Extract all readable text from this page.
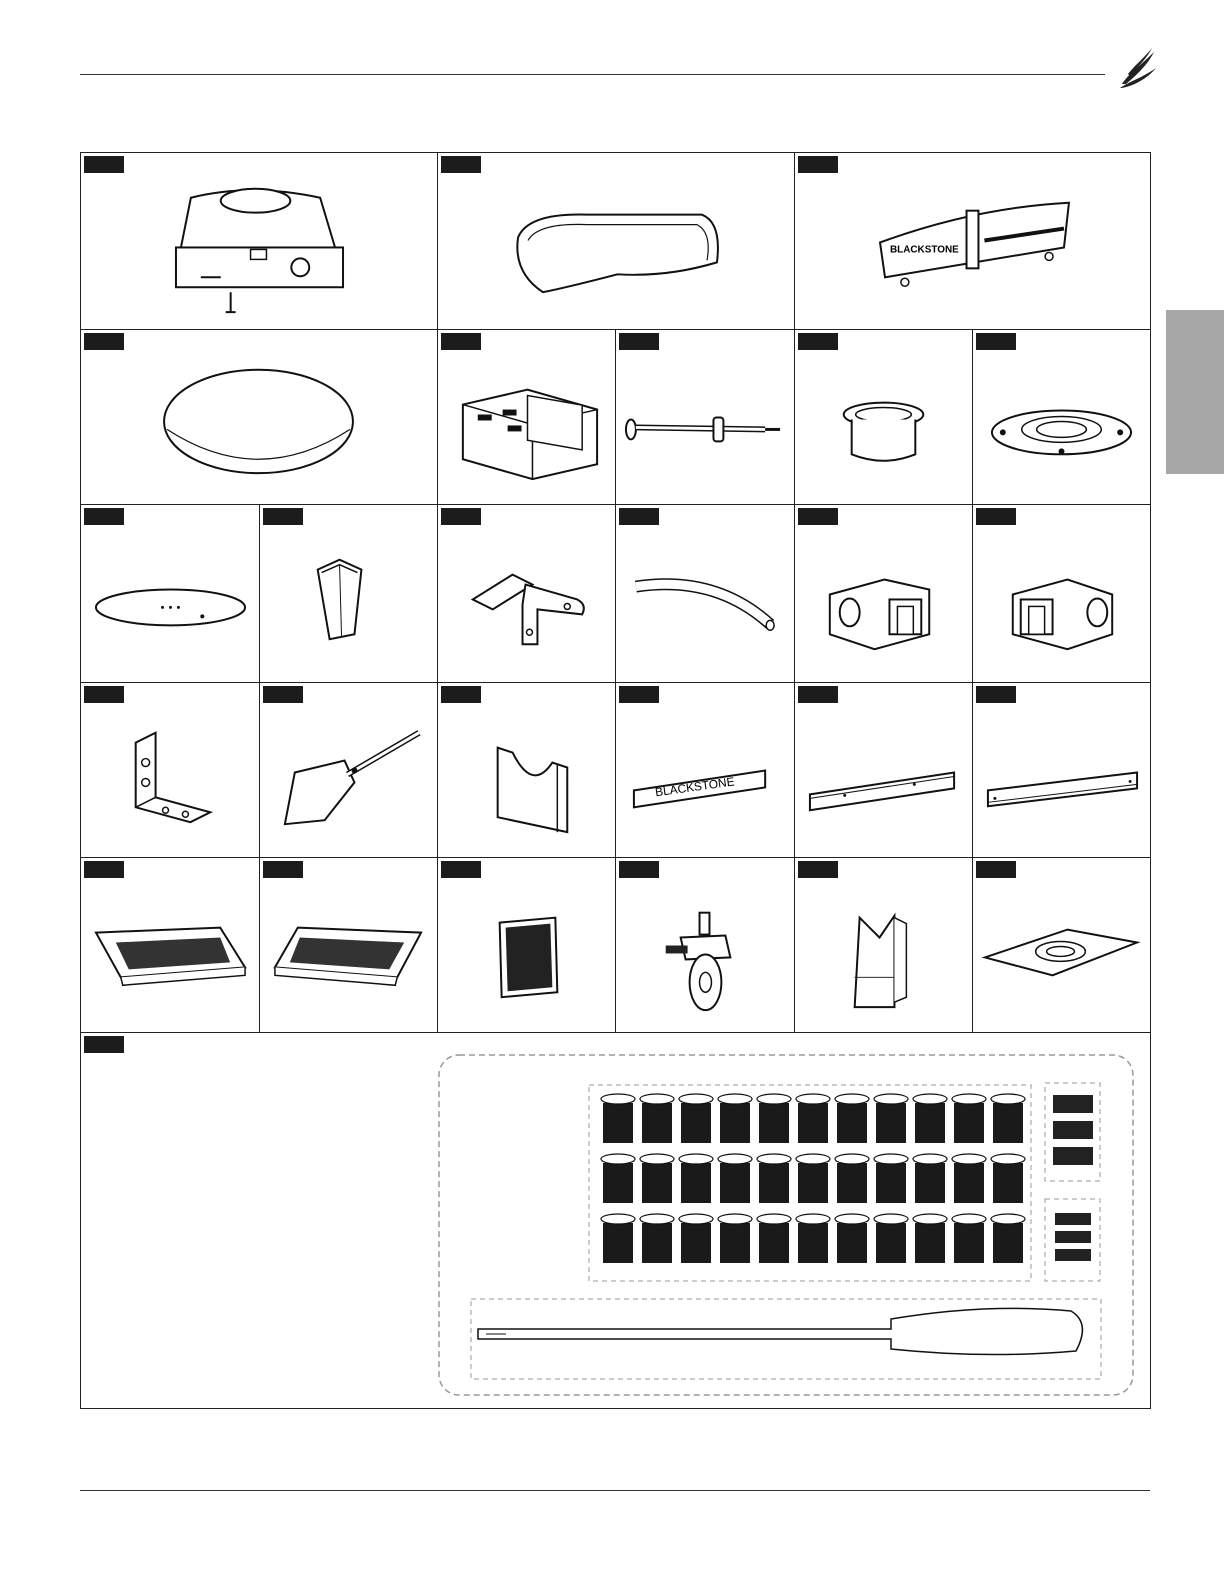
BLACKSTONE
BLACKSTONE
